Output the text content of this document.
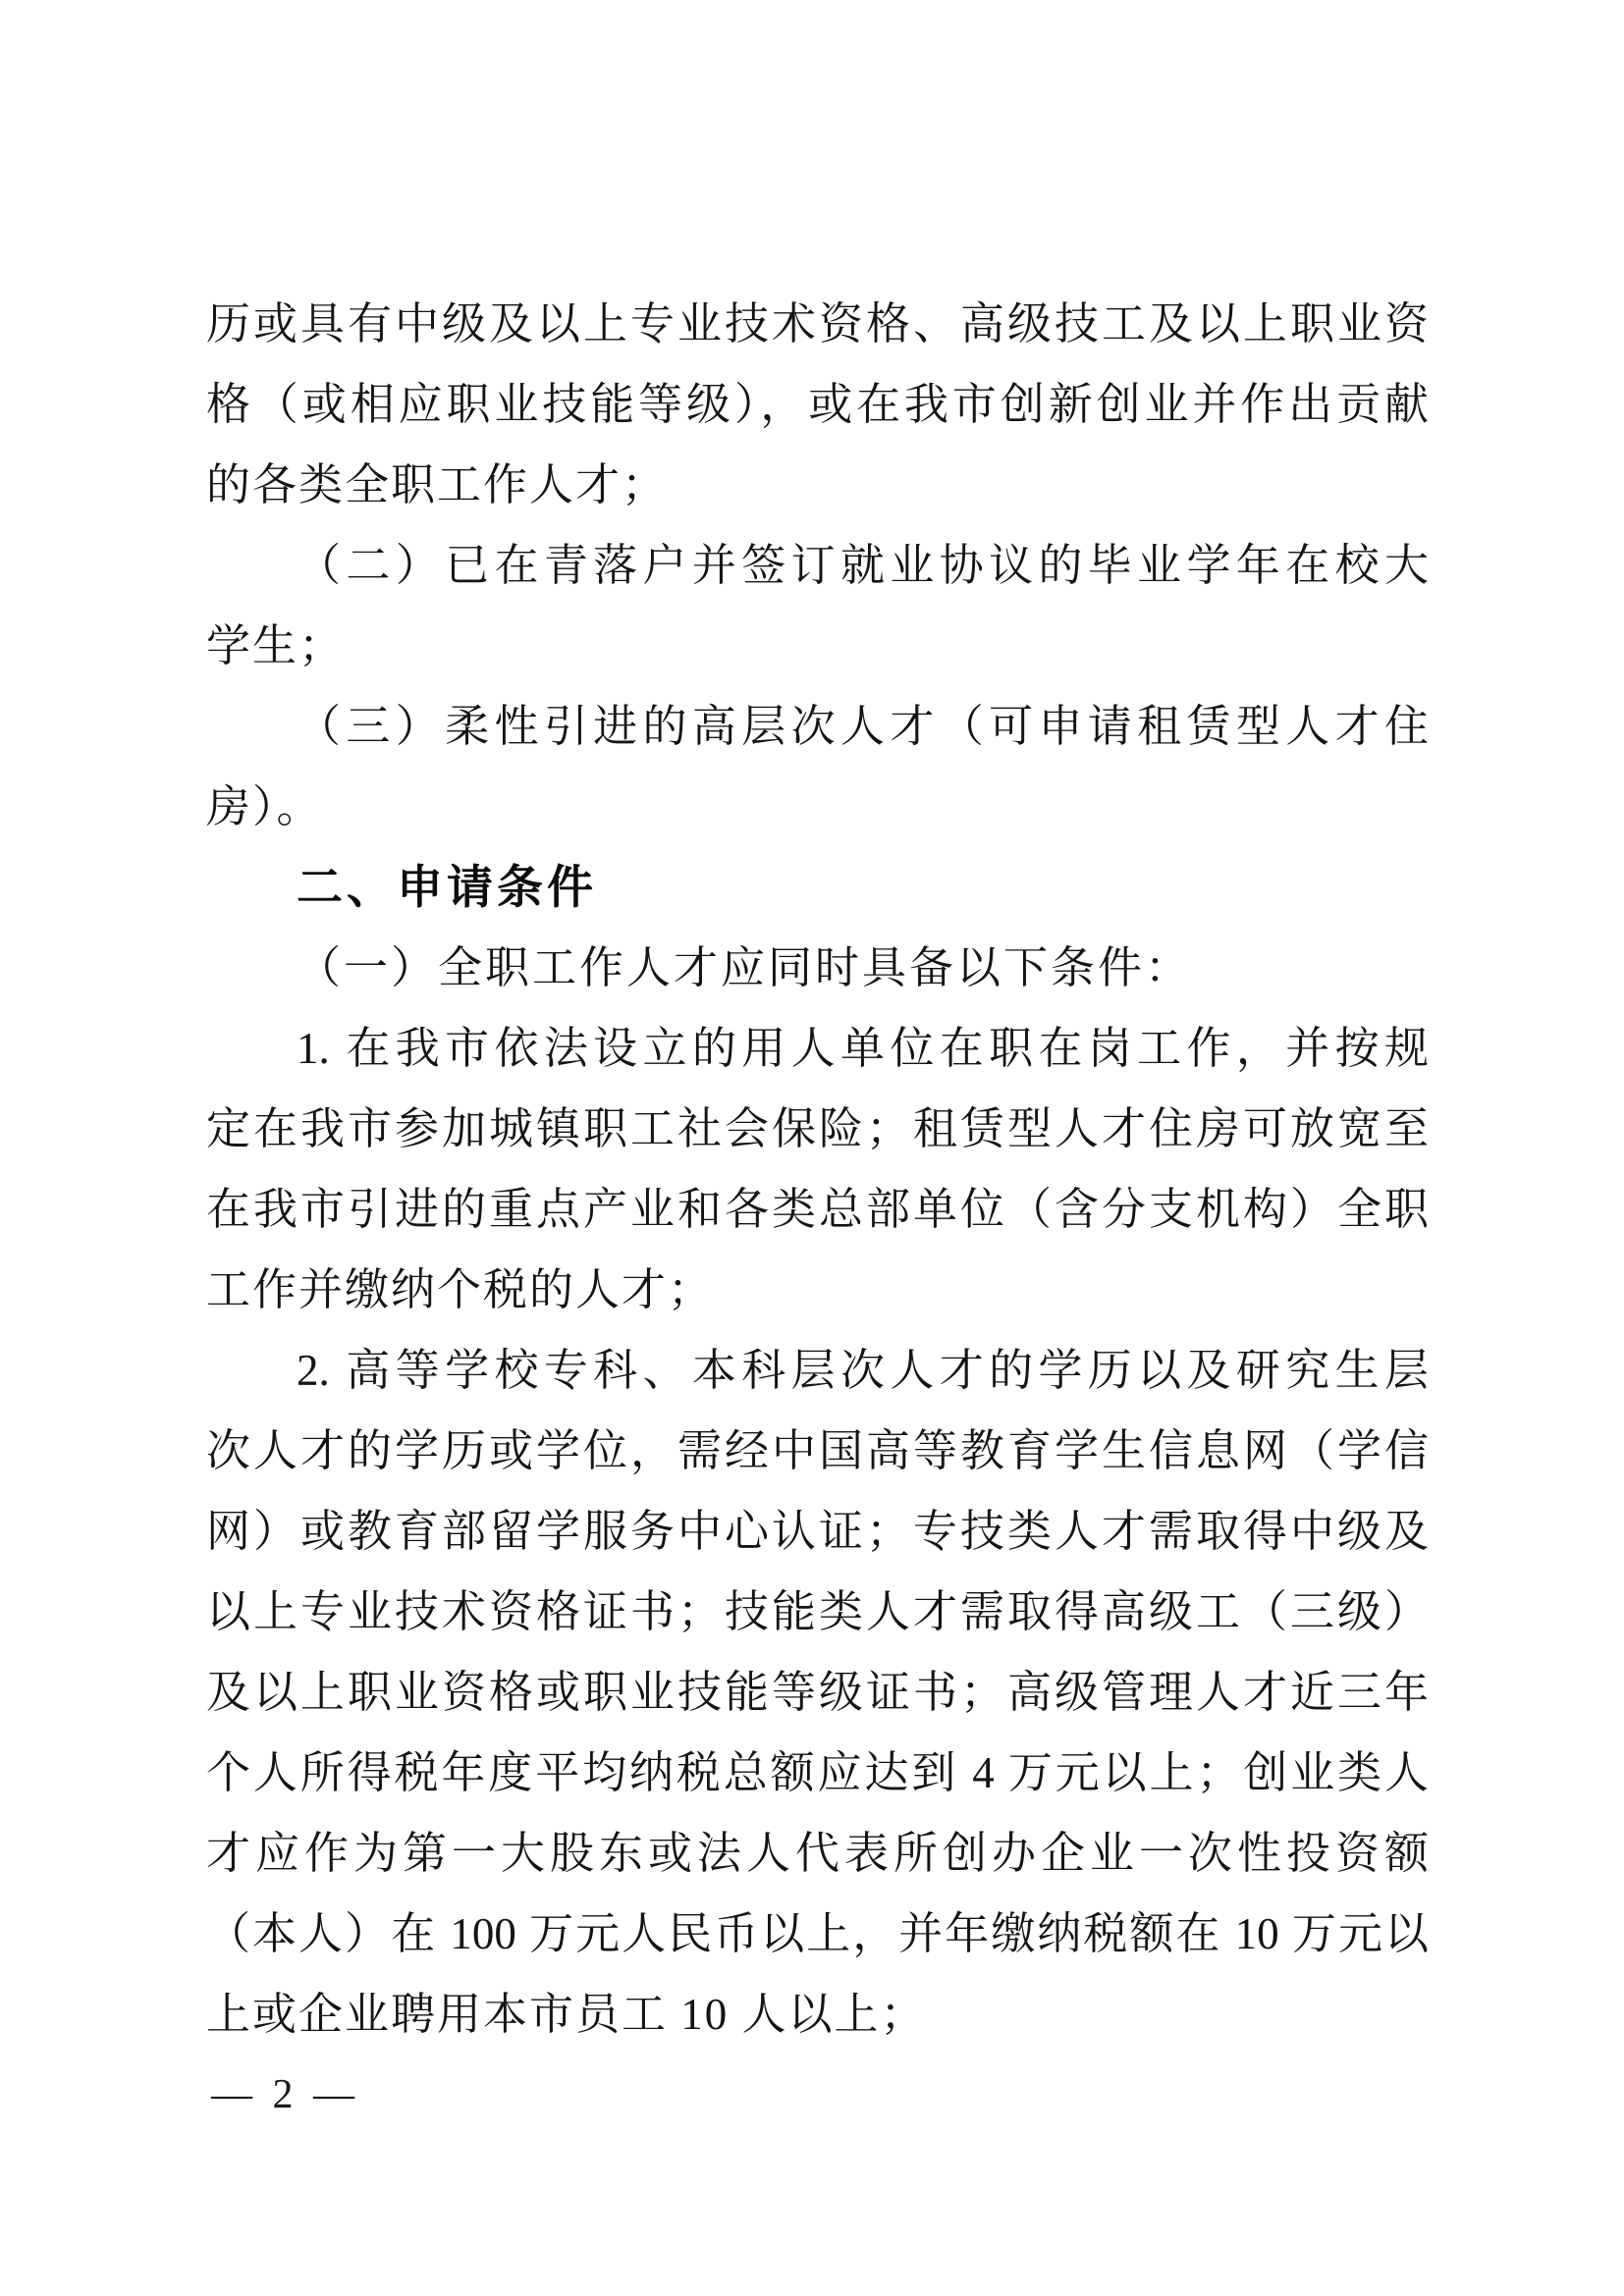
历或具有中级及以上专业技术资格、高级技工及以上职业资

格（或相应职业技能等级），或在我市创新创业并作出贡献

的各类全职工作人才；

（二）已在青落户并签订就业协议的毕业学年在校大

学生；

（三）柔性引进的高层次人才（可申请租赁型人才住

房）。

二、申请条件

（一）全职工作人才应同时具备以下条件：

1. 在我市依法设立的用人单位在职在岗工作，并按规

定在我市参加城镇职工社会保险；租赁型人才住房可放宽至

在我市引进的重点产业和各类总部单位（含分支机构）全职

工作并缴纳个税的人才；

2. 高等学校专科、本科层次人才的学历以及研究生层

次人才的学历或学位，需经中国高等教育学生信息网（学信

网）或教育部留学服务中心认证；专技类人才需取得中级及

以上专业技术资格证书；技能类人才需取得高级工（三级）

及以上职业资格或职业技能等级证书；高级管理人才近三年

个人所得税年度平均纳税总额应达到 4 万元以上；创业类人

才应作为第一大股东或法人代表所创办企业一次性投资额

（本人）在 100 万元人民币以上，并年缴纳税额在 10 万元以

上或企业聘用本市员工 10 人以上；

— 2 —
